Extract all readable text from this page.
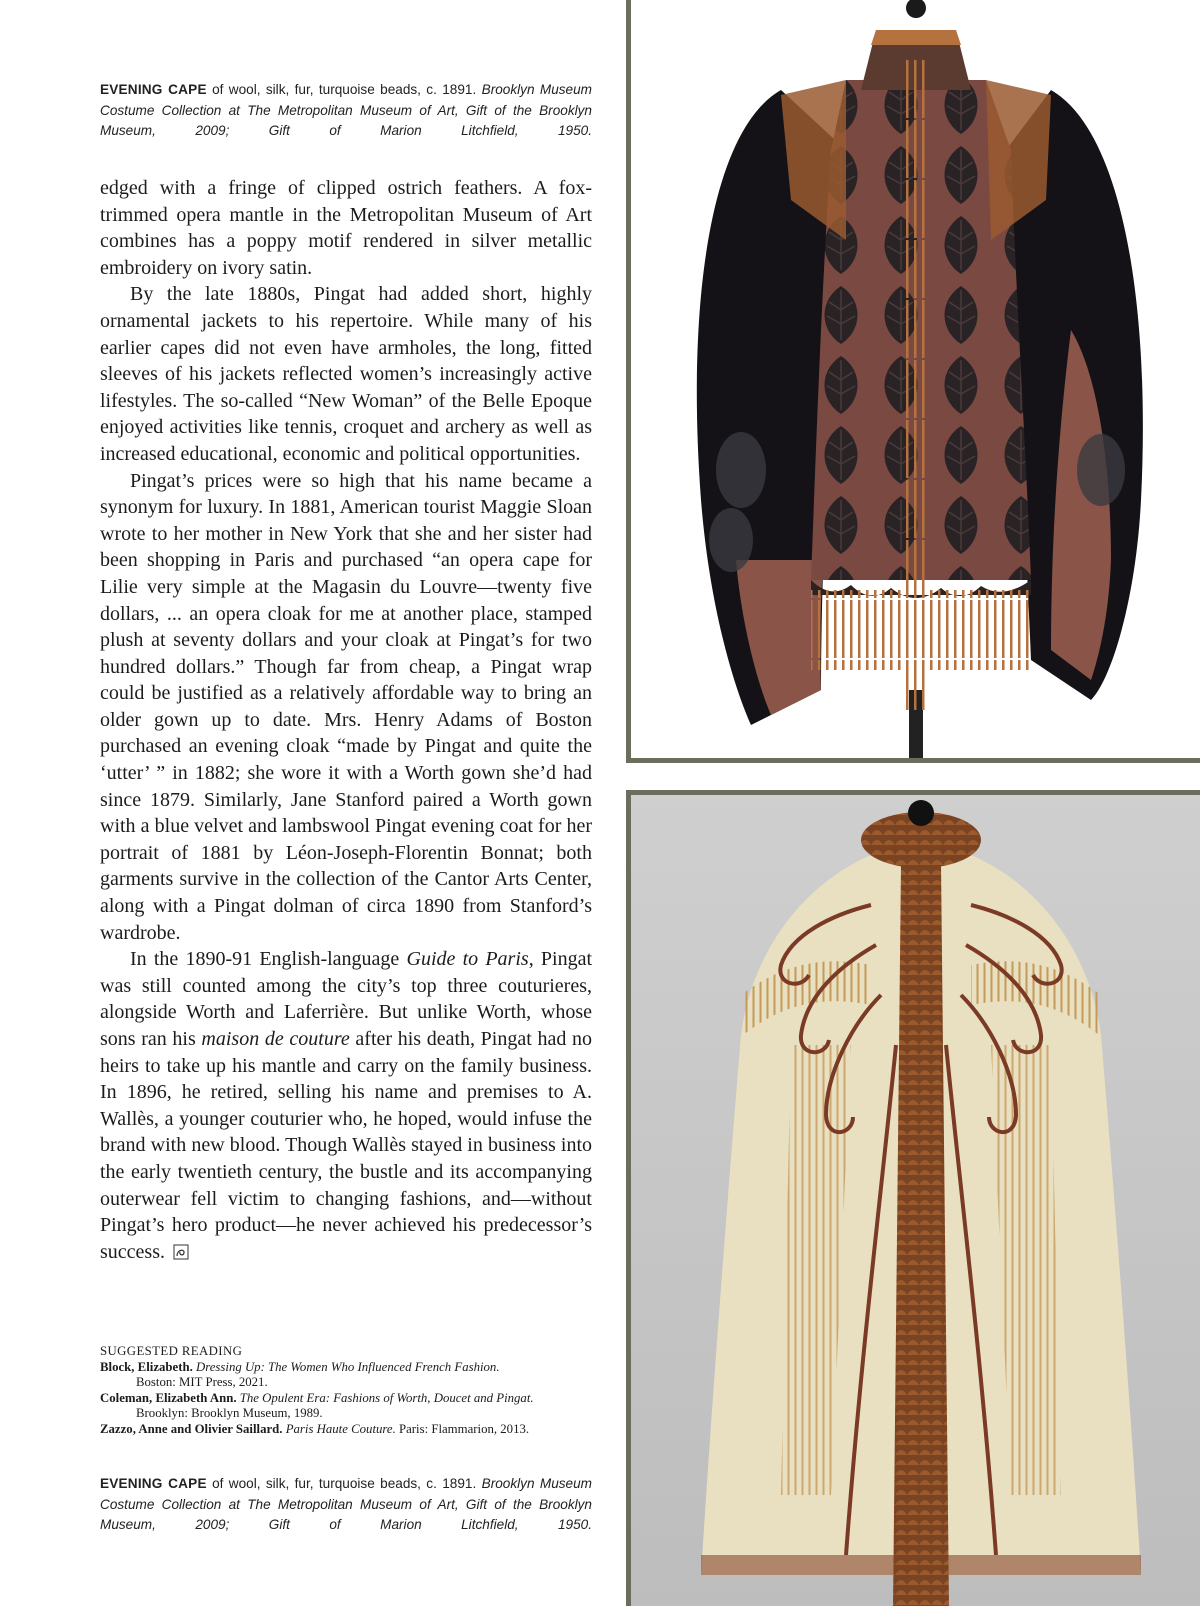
EVENING CAPE of wool, silk, fur, turquoise beads, c. 1891. Brooklyn Museum Costume Collection at The Metropolitan Museum of Art, Gift of the Brooklyn Museum, 2009; Gift of Marion Litchfield, 1950.

edged with a fringe of clipped ostrich feathers. A fox-trimmed opera mantle in the Metropolitan Museum of Art combines has a poppy motif rendered in silver metallic embroidery on ivory satin.

By the late 1880s, Pingat had added short, highly ornamental jackets to his repertoire. While many of his earlier capes did not even have armholes, the long, fitted sleeves of his jackets reflected women’s increasingly active lifestyles. The so-called “New Woman” of the Belle Epoque enjoyed activities like tennis, croquet and archery as well as increased educational, economic and political opportunities.

Pingat’s prices were so high that his name became a synonym for luxury. In 1881, American tourist Maggie Sloan wrote to her mother in New York that she and her sister had been shopping in Paris and purchased “an opera cape for Lilie very simple at the Magasin du Louvre—twenty five dollars, ... an opera cloak for me at another place, stamped plush at seventy dollars and your cloak at Pingat’s for two hundred dollars.” Though far from cheap, a Pingat wrap could be justified as a relatively affordable way to bring an older gown up to date. Mrs. Henry Adams of Boston purchased an evening cloak “made by Pingat and quite the ‘utter’ ” in 1882; she wore it with a Worth gown she’d had since 1879. Similarly, Jane Stanford paired a Worth gown with a blue velvet and lambswool Pingat evening coat for her portrait of 1881 by Léon-Joseph-Florentin Bonnat; both garments survive in the collection of the Cantor Arts Center, along with a Pingat dolman of circa 1890 from Stanford’s wardrobe.

In the 1890-91 English-language Guide to Paris, Pingat was still counted among the city’s top three couturieres, alongside Worth and Laferrière. But unlike Worth, whose sons ran his maison de couture after his death, Pingat had no heirs to take up his mantle and carry on the family business. In 1896, he retired, selling his name and premises to A. Wallès, a younger couturier who, he hoped, would infuse the brand with new blood. Though Wallès stayed in business into the early twentieth century, the bustle and its accompanying outerwear fell victim to changing fashions, and—without Pingat’s hero product—he never achieved his predecessor’s success.

SUGGESTED READING
Block, Elizabeth. Dressing Up: The Women Who Influenced French Fashion.
Boston: MIT Press, 2021.
Coleman, Elizabeth Ann. The Opulent Era: Fashions of Worth, Doucet and Pingat.
Brooklyn: Brooklyn Museum, 1989.
Zazzo, Anne and Olivier Saillard. Paris Haute Couture. Paris: Flammarion, 2013.

EVENING CAPE of wool, silk, fur, turquoise beads, c. 1891. Brooklyn Museum Costume Collection at The Metropolitan Museum of Art, Gift of the Brooklyn Museum, 2009; Gift of Marion Litchfield, 1950.
